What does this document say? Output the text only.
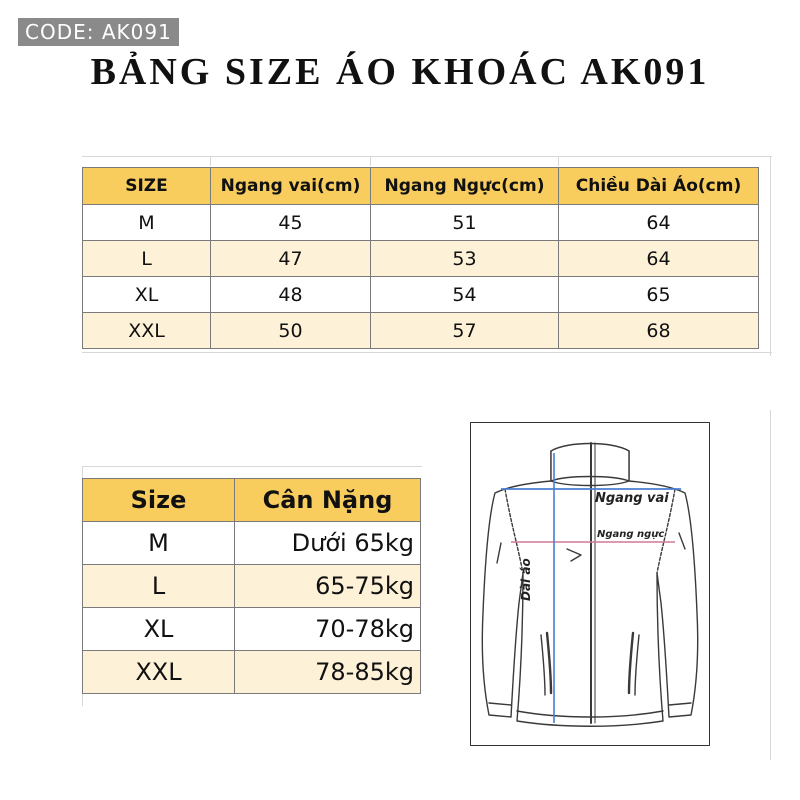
CODE: AK091
BẢNG SIZE ÁO KHOÁC AK091
SIZE	Ngang vai(cm)	Ngang Ngực(cm)	Chiều Dài Áo(cm)
M	45	51	64
L	47	53	64
XL	48	54	65
XXL	50	57	68
Size	Cân Nặng
M	Dưới 65kg
L	65-75kg
XL	70-78kg
XXL	78-85kg
Ngang vai
Ngang ngực
Dài áo
